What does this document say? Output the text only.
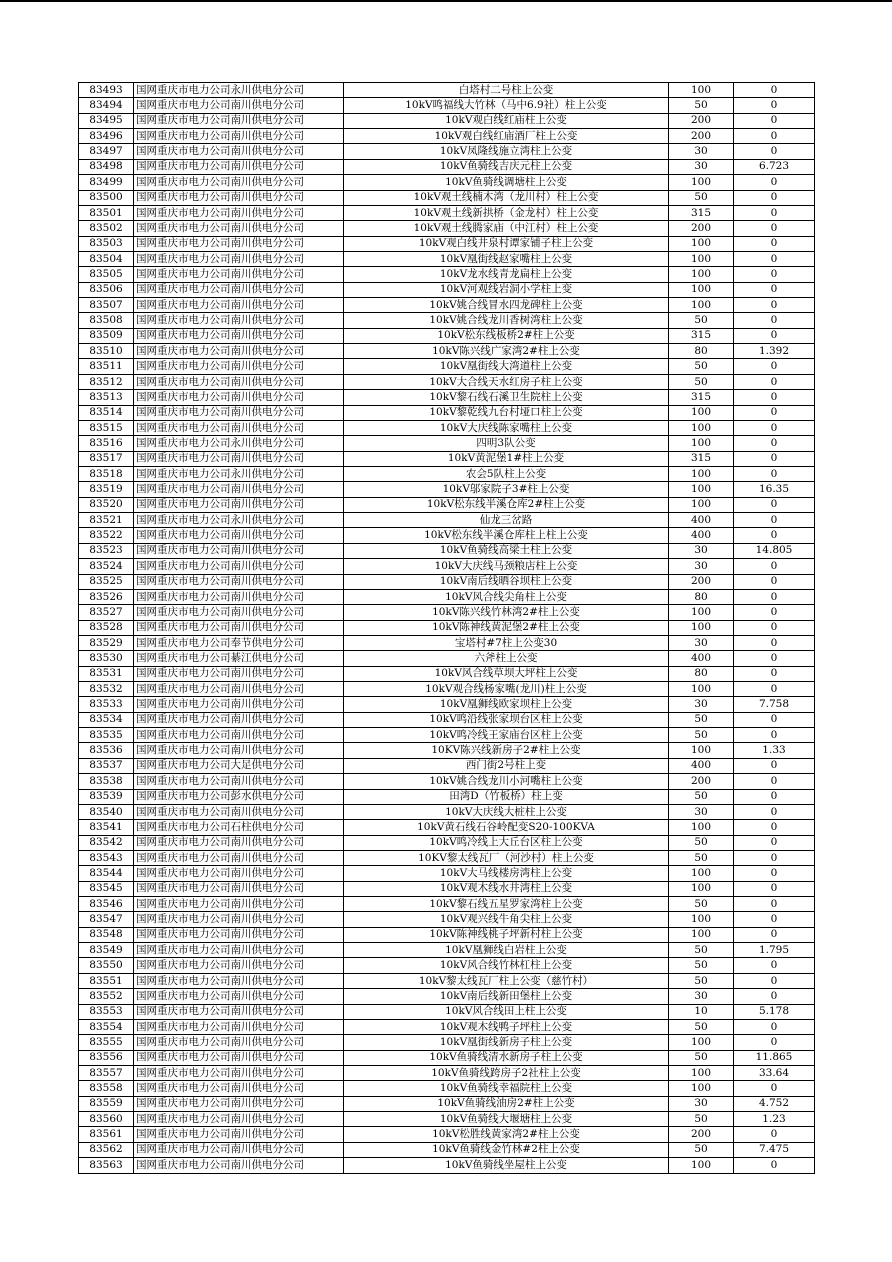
83493	国网重庆市电力公司永川供电分公司	白塔村二号柱上公变	100	0
83494	国网重庆市电力公司南川供电分公司	10kV鸣福线大竹林（马中6.9社）柱上公变	50	0
83495	国网重庆市电力公司南川供电分公司	10kV观白线红庙柱上公变	200	0
83496	国网重庆市电力公司南川供电分公司	10kV观白线红庙酒厂柱上公变	200	0
83497	国网重庆市电力公司南川供电分公司	10kV凤隆线施立湾柱上公变	30	0
83498	国网重庆市电力公司南川供电分公司	10kV鱼骑线吉庆元柱上公变	30	6.723
83499	国网重庆市电力公司南川供电分公司	10kV鱼骑线调塘柱上公变	100	0
83500	国网重庆市电力公司南川供电分公司	10kV观土线楠木湾（龙川村）柱上公变	50	0
83501	国网重庆市电力公司南川供电分公司	10kV观土线新拱桥（金龙村）柱上公变	315	0
83502	国网重庆市电力公司南川供电分公司	10kV观土线腾家庙（中江村）柱上公变	200	0
83503	国网重庆市电力公司南川供电分公司	10kV观白线井泉村谭家铺子柱上公变	100	0
83504	国网重庆市电力公司南川供电分公司	10kV凰街线赵家嘴柱上公变	100	0
83505	国网重庆市电力公司南川供电分公司	10kV龙水线青龙扁柱上公变	100	0
83506	国网重庆市电力公司南川供电分公司	10kV河观线岩洞小学柱上变	100	0
83507	国网重庆市电力公司南川供电分公司	10kV姚合线冒水四龙碑柱上公变	100	0
83508	国网重庆市电力公司南川供电分公司	10kV姚合线龙川香树湾柱上公变	50	0
83509	国网重庆市电力公司南川供电分公司	10kV松东线板桥2#柱上公变	315	0
83510	国网重庆市电力公司南川供电分公司	10kV陈兴线广家湾2#柱上公变	80	1.392
83511	国网重庆市电力公司南川供电分公司	10kV凰街线大湾道柱上公变	50	0
83512	国网重庆市电力公司南川供电分公司	10kV大合线天水红房子柱上公变	50	0
83513	国网重庆市电力公司南川供电分公司	10kV黎石线石溪卫生院柱上公变	315	0
83514	国网重庆市电力公司南川供电分公司	10kV黎乾线九台村垭口柱上公变	100	0
83515	国网重庆市电力公司南川供电分公司	10kV大庆线陈家嘴柱上公变	100	0
83516	国网重庆市电力公司永川供电分公司	四明3队公变	100	0
83517	国网重庆市电力公司南川供电分公司	10kV黄泥堡1#柱上公变	315	0
83518	国网重庆市电力公司永川供电分公司	农会5队柱上公变	100	0
83519	国网重庆市电力公司南川供电分公司	10kV邬家院子3#柱上公变	100	16.35
83520	国网重庆市电力公司南川供电分公司	10kV松东线半溪仓库2#柱上公变	100	0
83521	国网重庆市电力公司永川供电分公司	仙龙三岔路	400	0
83522	国网重庆市电力公司南川供电分公司	10kV松东线半溪仓库柱上柱上公变	400	0
83523	国网重庆市电力公司南川供电分公司	10kV鱼骑线高梁土柱上公变	30	14.805
83524	国网重庆市电力公司南川供电分公司	10kV大庆线马颈粮店柱上公变	30	0
83525	国网重庆市电力公司南川供电分公司	10kV南后线晒谷坝柱上公变	200	0
83526	国网重庆市电力公司南川供电分公司	10kV风合线尖角柱上公变	80	0
83527	国网重庆市电力公司南川供电分公司	10kV陈兴线竹林湾2#柱上公变	100	0
83528	国网重庆市电力公司南川供电分公司	10kV陈神线黄泥堡2#柱上公变	100	0
83529	国网重庆市电力公司奉节供电分公司	宝塔村#7柱上公变30	30	0
83530	国网重庆市电力公司綦江供电分公司	六斧柱上公变	400	0
83531	国网重庆市电力公司南川供电分公司	10kV风合线草坝大坪柱上公变	80	0
83532	国网重庆市电力公司南川供电分公司	10kV观合线杨家嘴(龙川)柱上公变	100	0
83533	国网重庆市电力公司南川供电分公司	10kV凰狮线欧家坝柱上公变	30	7.758
83534	国网重庆市电力公司南川供电分公司	10kV鸣沿线张家坝台区柱上公变	50	0
83535	国网重庆市电力公司南川供电分公司	10kV鸣冷线王家庙台区柱上公变	50	0
83536	国网重庆市电力公司南川供电分公司	10KV陈兴线新房子2#柱上公变	100	1.33
83537	国网重庆市电力公司大足供电分公司	西门街2号柱上变	400	0
83538	国网重庆市电力公司南川供电分公司	10kV姚合线龙川小河嘴柱上公变	200	0
83539	国网重庆市电力公司彭水供电分公司	田湾D（竹板桥）柱上变	50	0
83540	国网重庆市电力公司南川供电分公司	10kV大庆线大桩柱上公变	30	0
83541	国网重庆市电力公司石柱供电分公司	10kV黄石线石谷岭配变S20-100KVA	100	0
83542	国网重庆市电力公司南川供电分公司	10kV鸣冷线上大丘台区柱上公变	50	0
83543	国网重庆市电力公司南川供电分公司	10KV黎太线瓦厂（河沙村）柱上公变	50	0
83544	国网重庆市电力公司南川供电分公司	10kV大马线楼房湾柱上公变	100	0
83545	国网重庆市电力公司南川供电分公司	10kV观木线水井湾柱上公变	100	0
83546	国网重庆市电力公司南川供电分公司	10kV黎石线五星罗家湾柱上公变	50	0
83547	国网重庆市电力公司南川供电分公司	10kV观兴线牛角尖柱上公变	100	0
83548	国网重庆市电力公司南川供电分公司	10kV陈神线桃子坪新村柱上公变	100	0
83549	国网重庆市电力公司南川供电分公司	10kV凰狮线白岩柱上公变	50	1.795
83550	国网重庆市电力公司南川供电分公司	10kV风合线竹林杠柱上公变	50	0
83551	国网重庆市电力公司南川供电分公司	10kV黎太线瓦厂柱上公变（慈竹村）	50	0
83552	国网重庆市电力公司南川供电分公司	10kV南后线新田堡柱上公变	30	0
83553	国网重庆市电力公司南川供电分公司	10kV风合线田上柱上公变	10	5.178
83554	国网重庆市电力公司南川供电分公司	10kV观木线鸭子坪柱上公变	50	0
83555	国网重庆市电力公司南川供电分公司	10kV凰街线新房子柱上公变	100	0
83556	国网重庆市电力公司南川供电分公司	10kV鱼骑线清水新房子柱上公变	50	11.865
83557	国网重庆市电力公司南川供电分公司	10kV鱼骑线跨房子2社柱上公变	100	33.64
83558	国网重庆市电力公司南川供电分公司	10kV鱼骑线幸福院柱上公变	100	0
83559	国网重庆市电力公司南川供电分公司	10kV鱼骑线油房2#柱上公变	30	4.752
83560	国网重庆市电力公司南川供电分公司	10kV鱼骑线大堰塘柱上公变	50	1.23
83561	国网重庆市电力公司南川供电分公司	10kV松胜线黄家湾2#柱上公变	200	0
83562	国网重庆市电力公司南川供电分公司	10kV鱼骑线金竹林#2柱上公变	50	7.475
83563	国网重庆市电力公司南川供电分公司	10kV鱼骑线坐屋柱上公变	100	0
